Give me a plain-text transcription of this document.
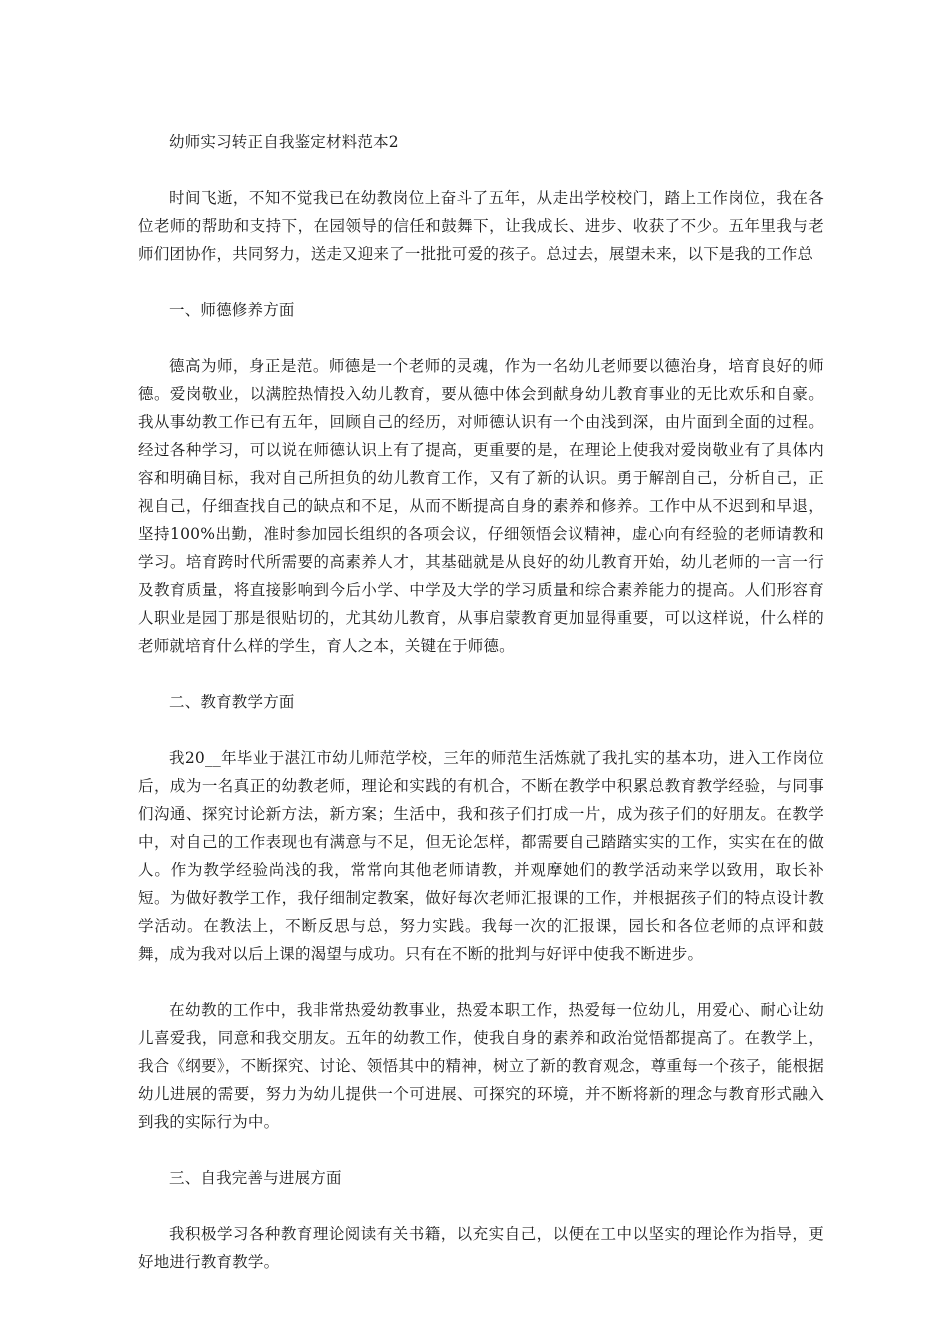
幼师实习转正自我鉴定材料范本2

时间飞逝，不知不觉我已在幼教岗位上奋斗了五年，从走出学校校门，踏上工作岗位，我在各位老师的帮助和支持下，在园领导的信任和鼓舞下，让我成长、进步、收获了不少。五年里我与老师们团协作，共同努力，送走又迎来了一批批可爱的孩子。总过去，展望未来，以下是我的工作总

一、师德修养方面

德高为师，身正是范。师德是一个老师的灵魂，作为一名幼儿老师要以德治身，培育良好的师德。爱岗敬业，以满腔热情投入幼儿教育，要从德中体会到献身幼儿教育事业的无比欢乐和自豪。我从事幼教工作已有五年，回顾自己的经历，对师德认识有一个由浅到深，由片面到全面的过程。经过各种学习，可以说在师德认识上有了提高，更重要的是，在理论上使我对爱岗敬业有了具体内容和明确目标，我对自己所担负的幼儿教育工作，又有了新的认识。勇于解剖自己，分析自己，正视自己，仔细查找自己的缺点和不足，从而不断提高自身的素养和修养。工作中从不迟到和早退，坚持100%出勤，准时参加园长组织的各项会议，仔细领悟会议精神，虚心向有经验的老师请教和学习。培育跨时代所需要的高素养人才，其基础就是从良好的幼儿教育开始，幼儿老师的一言一行及教育质量，将直接影响到今后小学、中学及大学的学习质量和综合素养能力的提高。人们形容育人职业是园丁那是很贴切的，尤其幼儿教育，从事启蒙教育更加显得重要，可以这样说，什么样的老师就培育什么样的学生，育人之本，关键在于师德。

二、教育教学方面

我20__年毕业于湛江市幼儿师范学校，三年的师范生活炼就了我扎实的基本功，进入工作岗位后，成为一名真正的幼教老师，理论和实践的有机合，不断在教学中积累总教育教学经验，与同事们沟通、探究讨论新方法，新方案；生活中，我和孩子们打成一片，成为孩子们的好朋友。在教学中，对自己的工作表现也有满意与不足，但无论怎样，都需要自己踏踏实实的工作，实实在在的做人。作为教学经验尚浅的我，常常向其他老师请教，并观摩她们的教学活动来学以致用，取长补短。为做好教学工作，我仔细制定教案，做好每次老师汇报课的工作，并根据孩子们的特点设计教学活动。在教法上，不断反思与总，努力实践。我每一次的汇报课，园长和各位老师的点评和鼓舞，成为我对以后上课的渴望与成功。只有在不断的批判与好评中使我不断进步。

在幼教的工作中，我非常热爱幼教事业，热爱本职工作，热爱每一位幼儿，用爱心、耐心让幼儿喜爱我，同意和我交朋友。五年的幼教工作，使我自身的素养和政治觉悟都提高了。在教学上，我合《纲要》，不断探究、讨论、领悟其中的精神，树立了新的教育观念，尊重每一个孩子，能根据幼儿进展的需要，努力为幼儿提供一个可进展、可探究的环境，并不断将新的理念与教育形式融入到我的实际行为中。

三、自我完善与进展方面

我积极学习各种教育理论阅读有关书籍，以充实自己，以便在工中以坚实的理论作为指导，更好地进行教育教学。
